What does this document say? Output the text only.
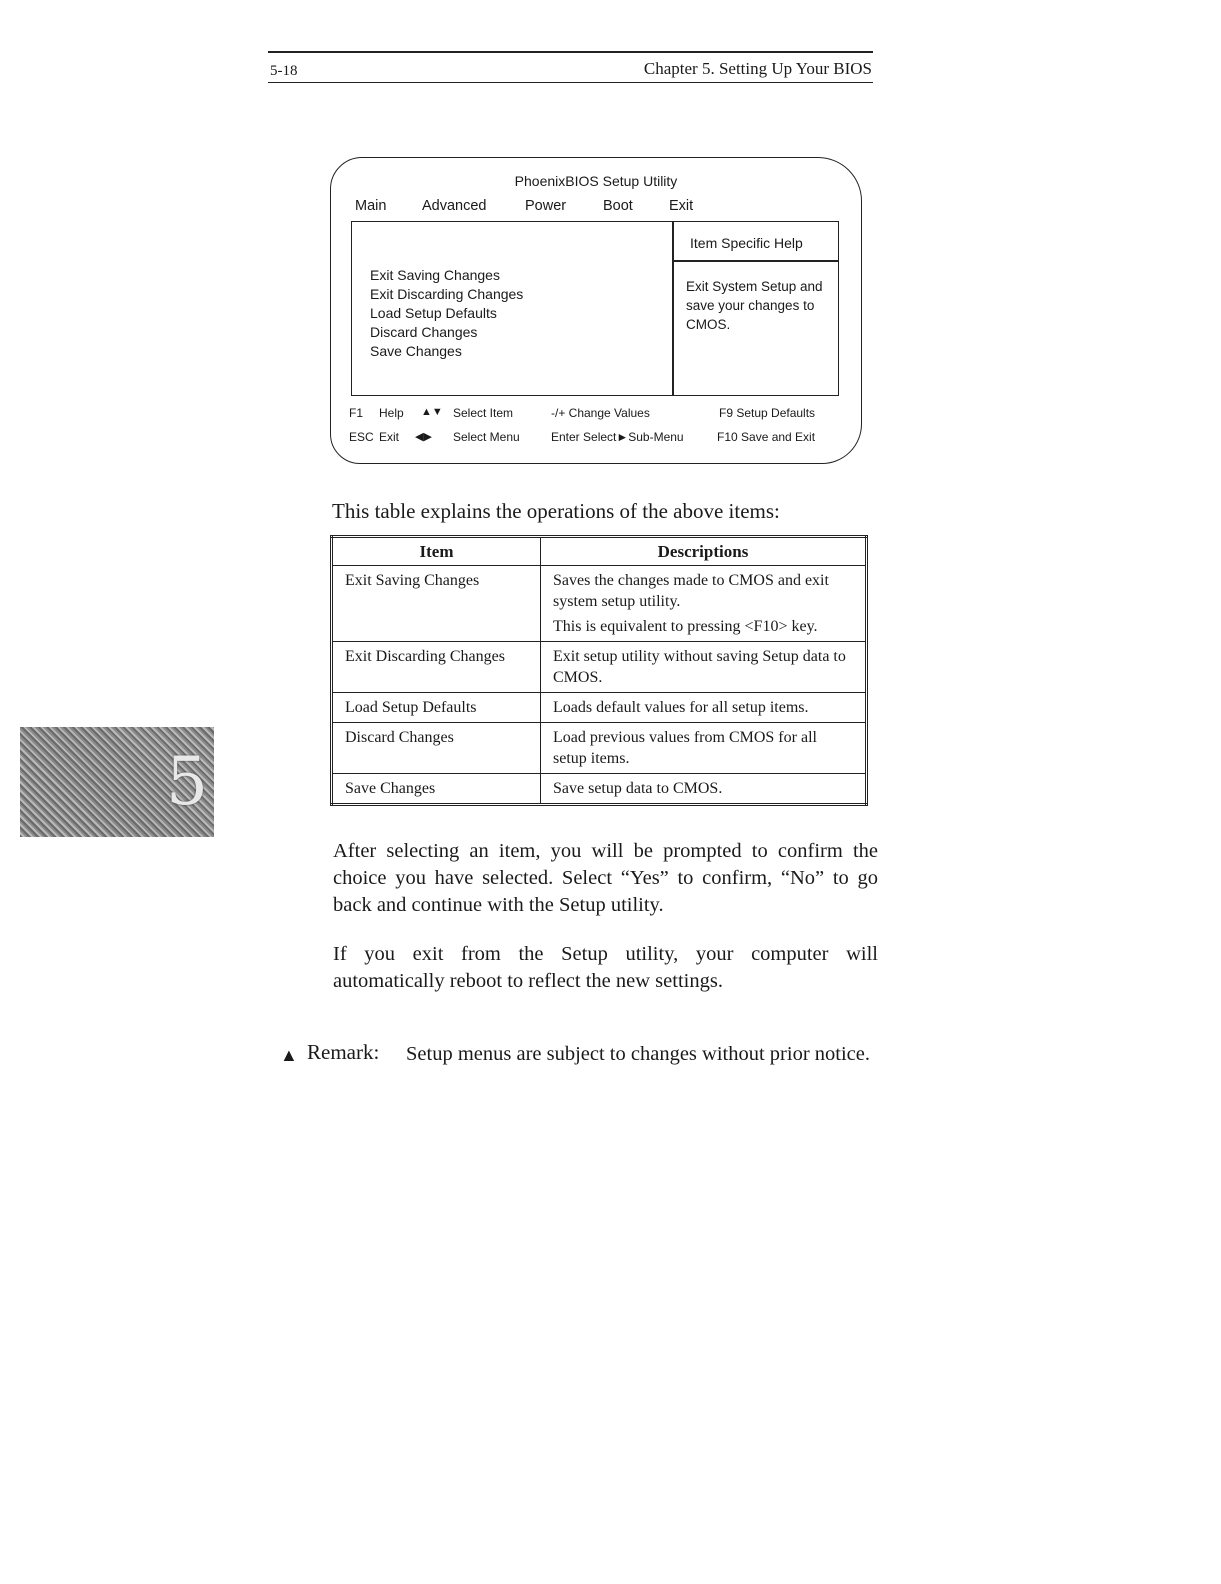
5-18	Chapter 5. Setting Up Your BIOS
PhoenixBIOS Setup Utility
Main Advanced	Power	Boot Exit
Exit Saving Changes
Exit Discarding Changes
Load Setup Defaults
Discard Changes
Save Changes
Item Specific Help
Exit System Setup and save your changes to CMOS.
F1 Help ▲▼ Select Item	-/+ Change Values	F9 Setup Defaults
ESC Exit ◀▶ Select Menu	Enter Select►Sub-Menu	F10 Save and Exit
This table explains the operations of the above items:
Item	Descriptions
Exit Saving Changes	Saves the changes made to CMOS and exit system setup utility.

This is equivalent to pressing <F10> key.

Exit Discarding Changes	Exit setup utility without saving Setup data to CMOS.

Load Setup Defaults	Loads default values for all setup items.

Discard Changes	Load previous values from CMOS for all setup items.

Save Changes	Save setup data to CMOS.

After selecting an item, you will be prompted to confirm the choice you have selected. Select “Yes” to confirm, “No” to go back and continue with the Setup utility.
If you exit from the Setup utility, your computer will automatically reboot to reflect the new settings.
▲ Remark: Setup menus are subject to changes without prior notice.
5
